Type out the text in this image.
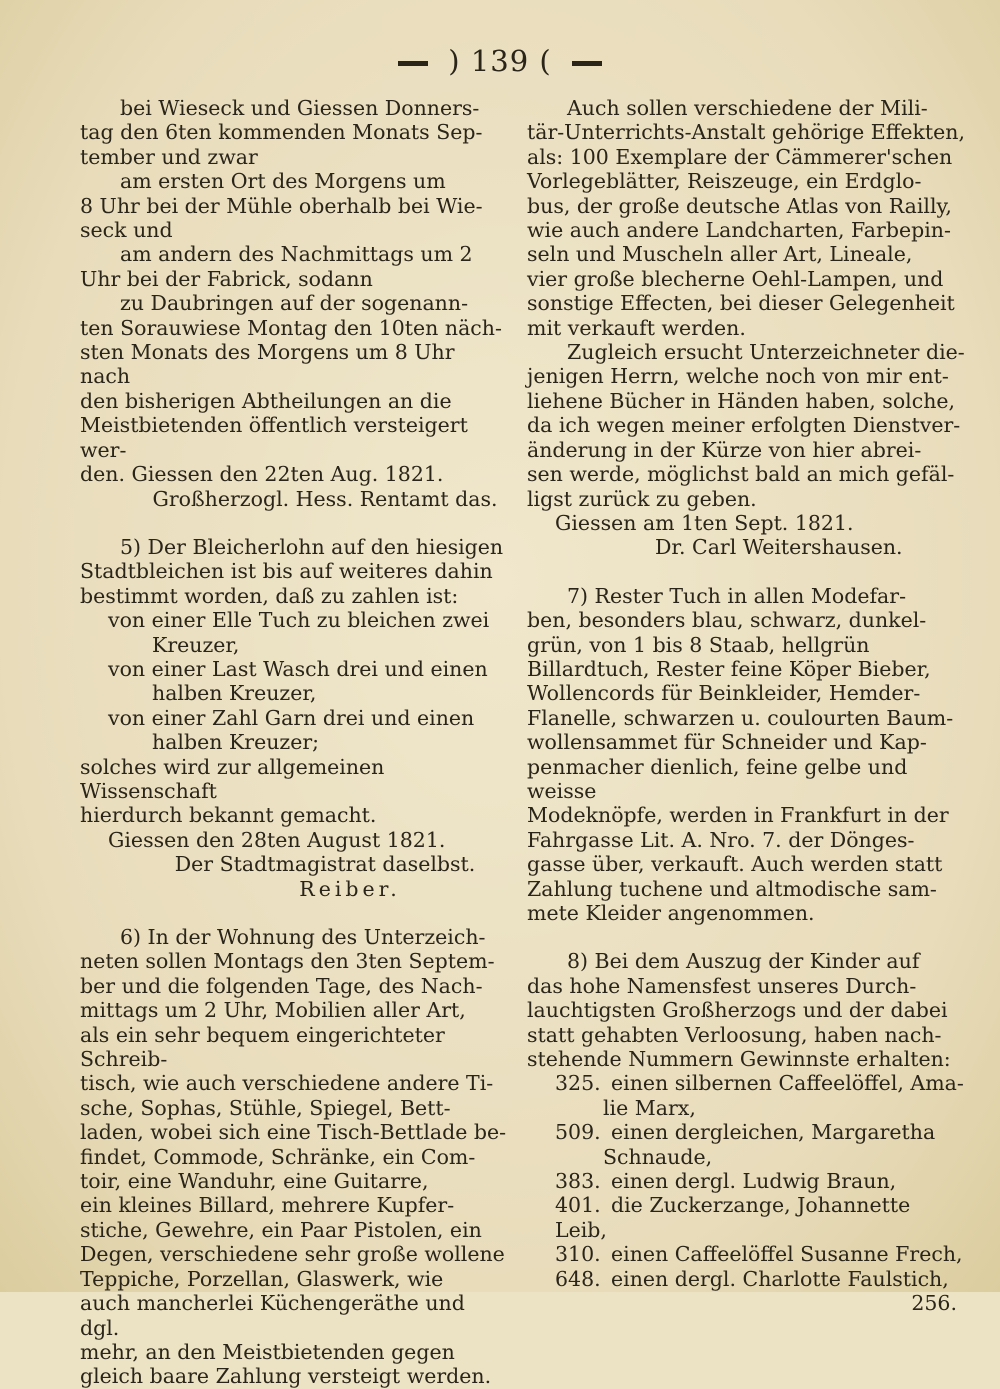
) 139 (

bei Wieseck und Giessen Donners-

tag den 6ten kommenden Monats Sep-

tember und zwar

am ersten Ort des Morgens um

8 Uhr bei der Mühle oberhalb bei Wie-

seck und

am andern des Nachmittags um 2

Uhr bei der Fabrick, sodann

zu Daubringen auf der sogenann-

ten Sorauwiese Montag den 10ten näch-

sten Monats des Morgens um 8 Uhr nach

den bisherigen Abtheilungen an die

Meistbietenden öffentlich versteigert wer-

den. Giessen den 22ten Aug. 1821.

Großherzogl. Hess. Rentamt das.

5) Der Bleicherlohn auf den hiesigen

Stadtbleichen ist bis auf weiteres dahin

bestimmt worden, daß zu zahlen ist:

von einer Elle Tuch zu bleichen zwei

Kreuzer,

von einer Last Wasch drei und einen

halben Kreuzer,

von einer Zahl Garn drei und einen

halben Kreuzer;

solches wird zur allgemeinen Wissenschaft

hierdurch bekannt gemacht.

Giessen den 28ten August 1821.

Der Stadtmagistrat daselbst.

Reiber.

6) In der Wohnung des Unterzeich-

neten sollen Montags den 3ten Septem-

ber und die folgenden Tage, des Nach-

mittags um 2 Uhr, Mobilien aller Art,

als ein sehr bequem eingerichteter Schreib-

tisch, wie auch verschiedene andere Ti-

sche, Sophas, Stühle, Spiegel, Bett-

laden, wobei sich eine Tisch-Bettlade be-

findet, Commode, Schränke, ein Com-

toir, eine Wanduhr, eine Guitarre,

ein kleines Billard, mehrere Kupfer-

stiche, Gewehre, ein Paar Pistolen, ein

Degen, verschiedene sehr große wollene

Teppiche, Porzellan, Glaswerk, wie

auch mancherlei Küchengeräthe und dgl.

mehr, an den Meistbietenden gegen

gleich baare Zahlung versteigt werden.

Auch sollen verschiedene der Mili-

tär-Unterrichts-Anstalt gehörige Effekten,

als: 100 Exemplare der Cämmerer'schen

Vorlegeblätter, Reiszeuge, ein Erdglo-

bus, der große deutsche Atlas von Railly,

wie auch andere Landcharten, Farbepin-

seln und Muscheln aller Art, Lineale,

vier große blecherne Oehl-Lampen, und

sonstige Effecten, bei dieser Gelegenheit

mit verkauft werden.

Zugleich ersucht Unterzeichneter die-

jenigen Herrn, welche noch von mir ent-

liehene Bücher in Händen haben, solche,

da ich wegen meiner erfolgten Dienstver-

änderung in der Kürze von hier abrei-

sen werde, möglichst bald an mich gefäl-

ligst zurück zu geben.

Giessen am 1ten Sept. 1821.

Dr. Carl Weitershausen.

7) Rester Tuch in allen Modefar-

ben, besonders blau, schwarz, dunkel-

grün, von 1 bis 8 Staab, hellgrün

Billardtuch, Rester feine Köper Bieber,

Wollencords für Beinkleider, Hemder-

Flanelle, schwarzen u. coulourten Baum-

wollensammet für Schneider und Kap-

penmacher dienlich, feine gelbe und weisse

Modeknöpfe, werden in Frankfurt in der

Fahrgasse Lit. A. Nro. 7. der Dönges-

gasse über, verkauft. Auch werden statt

Zahlung tuchene und altmodische sam-

mete Kleider angenommen.

8) Bei dem Auszug der Kinder auf

das hohe Namensfest unseres Durch-

lauchtigsten Großherzogs und der dabei

statt gehabten Verloosung, haben nach-

stehende Nummern Gewinnste erhalten:

325. einen silbernen Caffeelöffel, Ama-

lie Marx,

509. einen dergleichen, Margaretha

Schnaude,

383. einen dergl. Ludwig Braun,

401. die Zuckerzange, Johannette Leib,

310. einen Caffeelöffel Susanne Frech,

648. einen dergl. Charlotte Faulstich,

256.
